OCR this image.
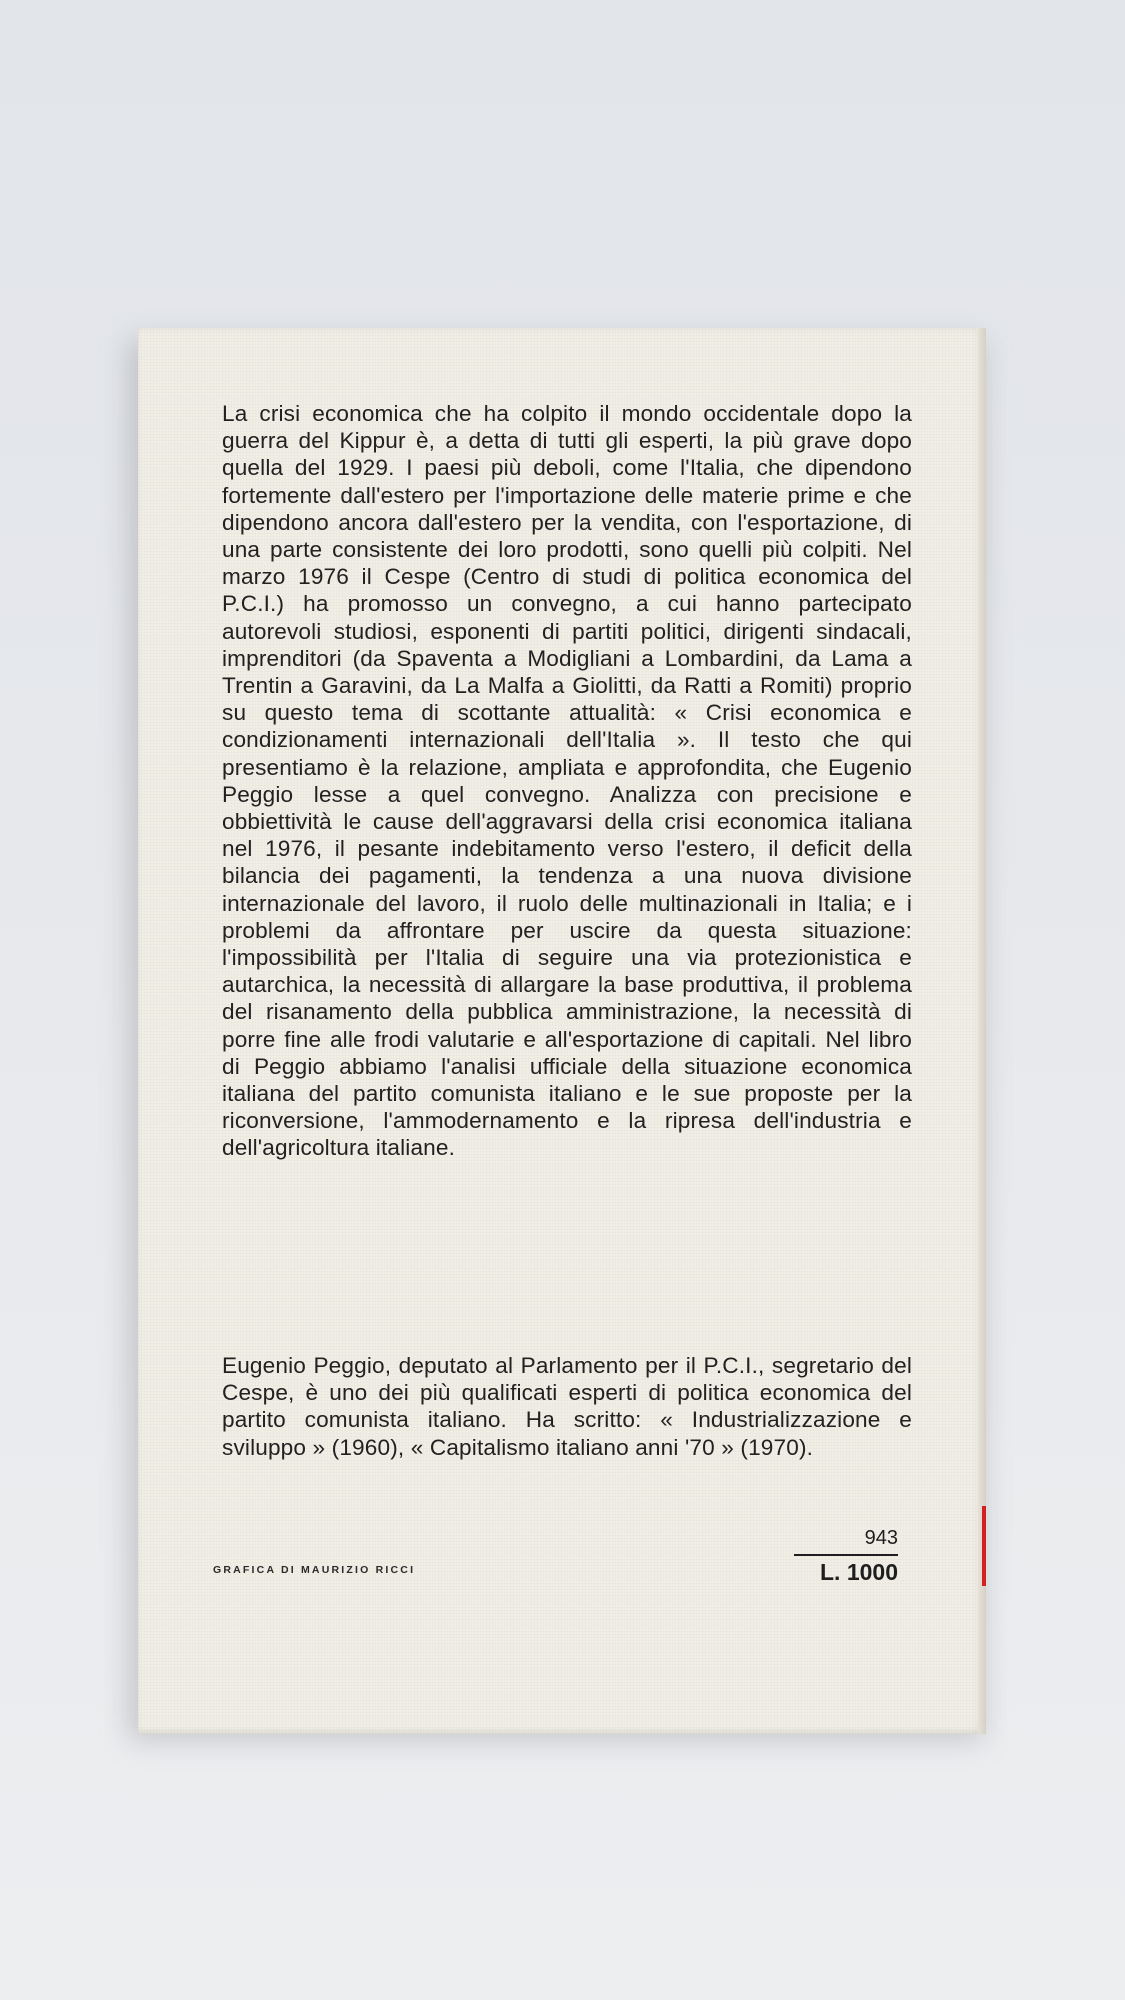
La crisi economica che ha colpito il mondo occidentale dopo la guerra del Kippur è, a detta di tutti gli esperti, la più grave dopo quella del 1929. I paesi più deboli, come l'Italia, che dipendono fortemente dall'estero per l'importazione delle materie prime e che dipendono ancora dall'estero per la vendita, con l'esportazione, di una parte consistente dei loro prodotti, sono quelli più colpiti. Nel marzo 1976 il Cespe (Centro di studi di politica economica del P.C.I.) ha promosso un convegno, a cui hanno partecipato autorevoli studiosi, esponenti di partiti politici, dirigenti sindacali, imprenditori (da Spaventa a Modigliani a Lombardini, da Lama a Trentin a Garavini, da La Malfa a Giolitti, da Ratti a Romiti) proprio su questo tema di scottante attualità: « Crisi economica e condizionamenti internazionali dell'Italia ». Il testo che qui presentiamo è la relazione, ampliata e approfondita, che Eugenio Peggio lesse a quel convegno. Analizza con precisione e obbiettività le cause dell'aggravarsi della crisi economica italiana nel 1976, il pesante indebitamento verso l'estero, il deficit della bilancia dei pagamenti, la tendenza a una nuova divisione internazionale del lavoro, il ruolo delle multinazionali in Italia; e i problemi da affrontare per uscire da questa situazione: l'impossibilità per l'Italia di seguire una via protezionistica e autarchica, la necessità di allargare la base produttiva, il problema del risanamento della pubblica amministrazione, la necessità di porre fine alle frodi valutarie e all'esportazione di capitali. Nel libro di Peggio abbiamo l'analisi ufficiale della situazione economica italiana del partito comunista italiano e le sue proposte per la riconversione, l'ammodernamento e la ripresa dell'industria e dell'agricoltura italiane.

Eugenio Peggio, deputato al Parlamento per il P.C.I., segretario del Cespe, è uno dei più qualificati esperti di politica economica del partito comunista italiano. Ha scritto: « Industrializzazione e sviluppo » (1960), « Capitalismo italiano anni '70 » (1970).

GRAFICA DI MAURIZIO RICCI
943
L. 1000
